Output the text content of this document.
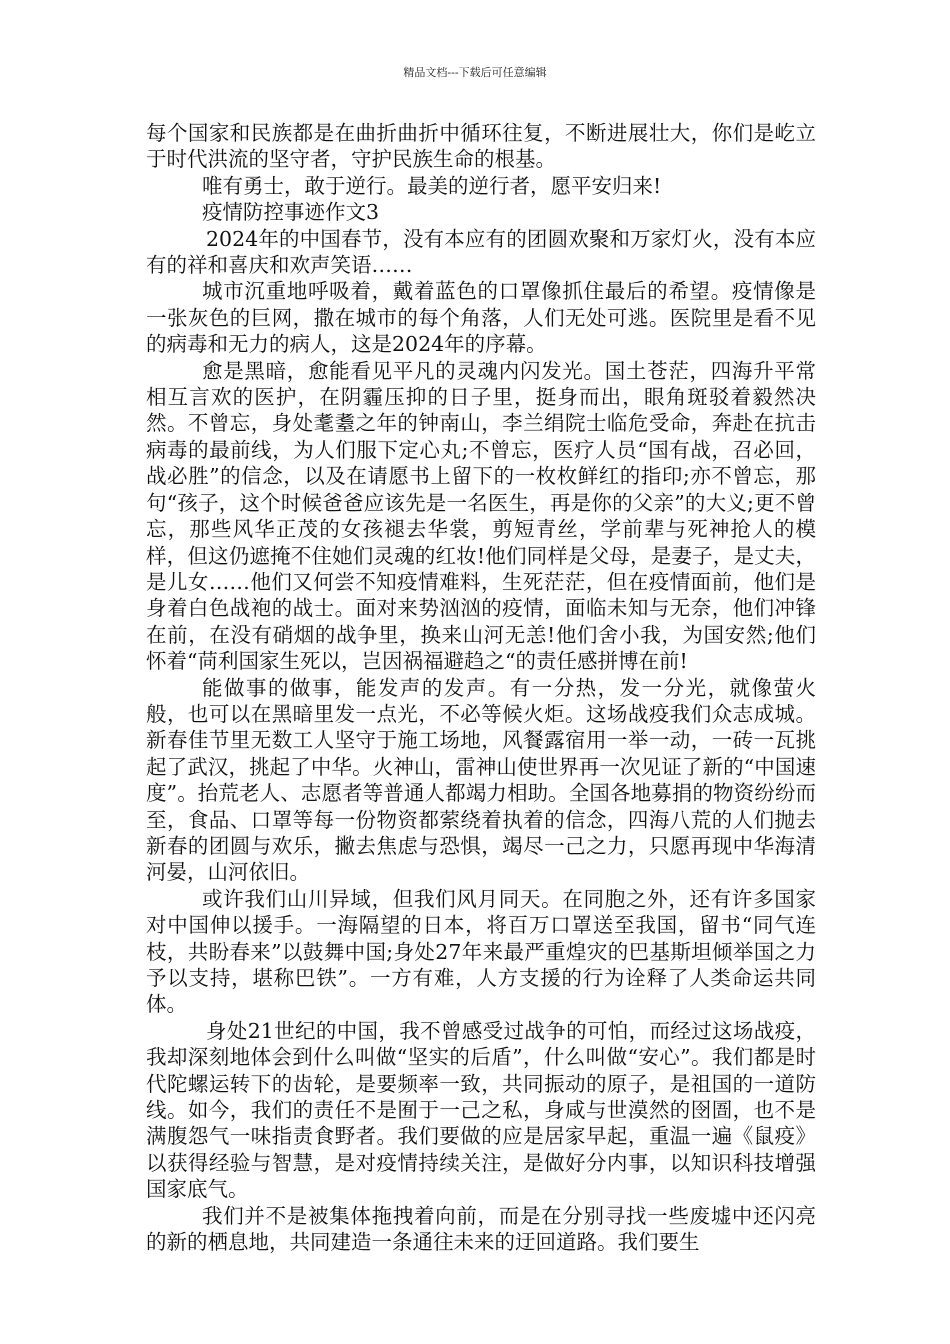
精品文档---下载后可任意编辑

每个国家和民族都是在曲折曲折中循环往复，不断进展壮大，你们是屹立于时代洪流的坚守者，守护民族生命的根基。

唯有勇士，敢于逆行。最美的逆行者，愿平安归来!

疫情防控事迹作文3

2024年的中国春节，没有本应有的团圆欢聚和万家灯火，没有本应有的祥和喜庆和欢声笑语……

城市沉重地呼吸着，戴着蓝色的口罩像抓住最后的希望。疫情像是一张灰色的巨网，撒在城市的每个角落，人们无处可逃。医院里是看不见的病毒和无力的病人，这是2024年的序幕。

愈是黑暗，愈能看见平凡的灵魂内闪发光。国土苍茫，四海升平常相互言欢的医护，在阴霾压抑的日子里，挺身而出，眼角斑驳着毅然决然。不曾忘，身处耄耋之年的钟南山，李兰绢院士临危受命，奔赴在抗击病毒的最前线，为人们服下定心丸;不曾忘，医疗人员“国有战，召必回，战必胜”的信念，以及在请愿书上留下的一枚枚鲜红的指印;亦不曾忘，那句“孩子，这个时候爸爸应该先是一名医生，再是你的父亲”的大义;更不曾忘，那些风华正茂的女孩褪去华裳，剪短青丝，学前辈与死神抢人的模样，但这仍遮掩不住她们灵魂的红妆!他们同样是父母，是妻子，是丈夫，是儿女……他们又何尝不知疫情难料，生死茫茫，但在疫情面前，他们是身着白色战袍的战士。面对来势汹汹的疫情，面临未知与无奈，他们冲锋在前，在没有硝烟的战争里，换来山河无恙!他们舍小我，为国安然;他们怀着“苘利国家生死以，岂因祸福避趋之“的责任感拼博在前!

能做事的做事，能发声的发声。有一分热，发一分光，就像萤火般，也可以在黑暗里发一点光，不必等候火炬。这场战疫我们众志成城。新春佳节里无数工人坚守于施工场地，风餐露宿用一举一动，一砖一瓦挑起了武汉，挑起了中华。火神山，雷神山使世界再一次见证了新的“中国速度”。抬荒老人、志愿者等普通人都竭力相助。全国各地募捐的物资纷纷而至，食品、口罩等每一份物资都萦绕着执着的信念，四海八荒的人们抛去新春的团圆与欢乐，撇去焦虑与恐惧，竭尽一己之力，只愿再现中华海清河晏，山河依旧。

或许我们山川异域，但我们风月同天。在同胞之外，还有许多国家对中国伸以援手。一海隔望的日本，将百万口罩送至我国，留书“同气连枝，共盼春来”以鼓舞中国;身处27年来最严重煌灾的巴基斯坦倾举国之力予以支持，堪称巴铁”。一方有难，人方支援的行为诠释了人类命运共同体。

身处21世纪的中国，我不曾感受过战争的可怕，而经过这场战疫，我却深刻地体会到什么叫做“坚实的后盾”，什么叫做“安心”。我们都是时代陀螺运转下的齿轮，是要频率一致，共同振动的原子，是祖国的一道防线。如今，我们的责任不是囿于一己之私，身咸与世漠然的囹圄，也不是满腹怨气一味指责食野者。我们要做的应是居家早起，重温一遍《鼠疫》以获得经验与智慧，是对疫情持续关注，是做好分内事，以知识科技增强国家底气。

我们并不是被集体拖拽着向前，而是在分别寻找一些废墟中还闪亮的新的栖息地，共同建造一条通往未来的迂回道路。我们要生
